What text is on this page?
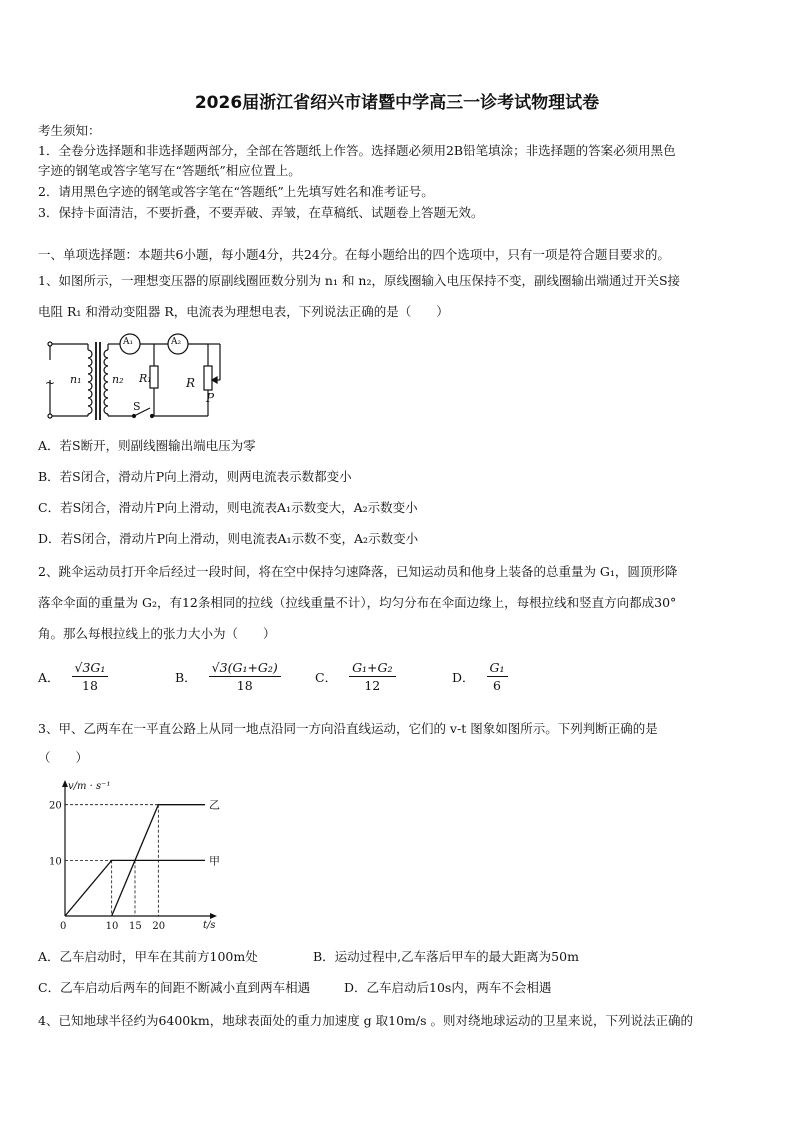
2026届浙江省绍兴市诸暨中学高三一诊考试物理试卷
考生须知：
1．全卷分选择题和非选择题两部分，全部在答题纸上作答。选择题必须用2B铅笔填涂；非选择题的答案必须用黑色
字迹的钢笔或答字笔写在“答题纸”相应位置上。
2．请用黑色字迹的钢笔或答字笔在“答题纸”上先填写姓名和准考证号。
3．保持卡面清洁，不要折叠，不要弄破、弄皱，在草稿纸、试题卷上答题无效。
一、单项选择题：本题共6小题，每小题4分，共24分。在每小题给出的四个选项中，只有一项是符合题目要求的。
1、如图所示，一理想变压器的原副线圈匝数分别为 n₁ 和 n₂，原线圈输入电压保持不变，副线圈输出端通过开关S接
电阻 R₁ 和滑动变阻器 R，电流表为理想电表，下列说法正确的是（　　）
~ n₁	n₂
A₁	A₂
R₁	R
P
S
A．若S断开，则副线圈输出端电压为零
B．若S闭合，滑动片P向上滑动，则两电流表示数都变小
C．若S闭合，滑动片P向上滑动，则电流表A₁示数变大，A₂示数变小
D．若S闭合，滑动片P向上滑动，则电流表A₁示数不变，A₂示数变小
2、跳伞运动员打开伞后经过一段时间，将在空中保持匀速降落，已知运动员和他身上装备的总重量为 G₁，圆顶形降
落伞伞面的重量为 G₂，有12条相同的拉线（拉线重量不计），均匀分布在伞面边缘上，每根拉线和竖直方向都成30°
角。那么每根拉线上的张力大小为（　　）
A． $\frac{\text{√3G₁}}{18}$	B． $\frac{\text{√3(G₁+G₂)}}{18}$	C． $\frac{\text{G₁+G₂}}{12}$	D． $\frac{\text{G₁}}{6}$
3、甲、乙两车在一平直公路上从同一地点沿同一方向沿直线运动，它们的 v-t 图象如图所示。下列判断正确的是
（　　）
v/m · s⁻¹
t/s
0	10 15 20
10
20
甲
乙
A．乙车启动时，甲车在其前方100m处	B．运动过程中,乙车落后甲车的最大距离为50m
C．乙车启动后两车的间距不断减小直到两车相遇	D．乙车启动后10s内，两车不会相遇
4、已知地球半径约为6400km，地球表面处的重力加速度 g 取10m/s 。则对绕地球运动的卫星来说，下列说法正确的
